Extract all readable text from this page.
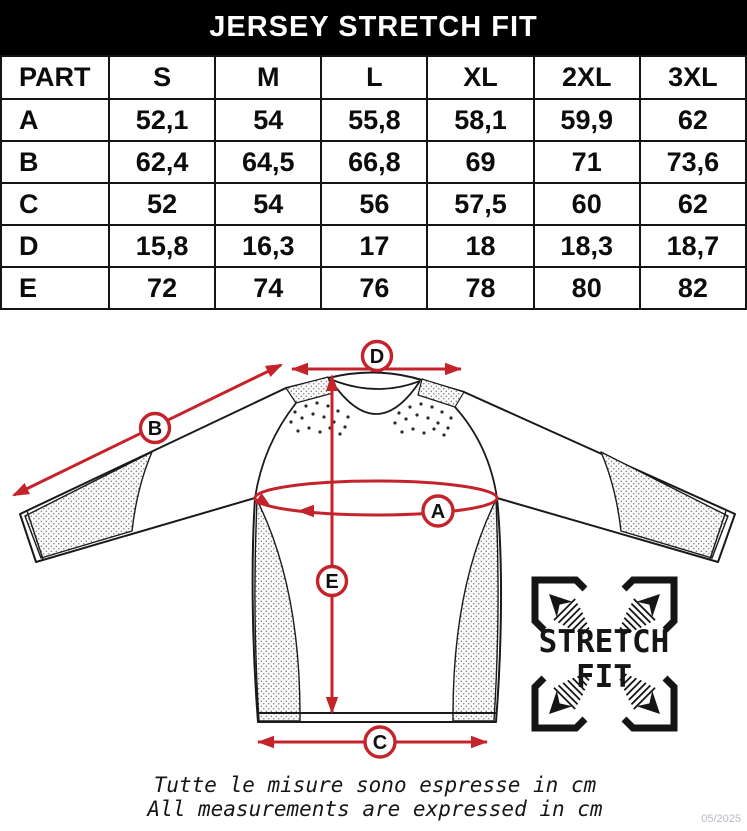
JERSEY STRETCH FIT
PART	S	M	L	XL	2XL	3XL
A	52,1	54	55,8	58,1	59,9	62
B	62,4	64,5	66,8	69	71	73,6
C	52	54	56	57,5	60	62
D	15,8	16,3	17	18	18,3	18,7
E	72	74	76	78	80	82
D
B
A
E
C
STRETCH
FIT
Tutte le misure sono espresse in cm
All measurements are expressed in cm	05/2025
